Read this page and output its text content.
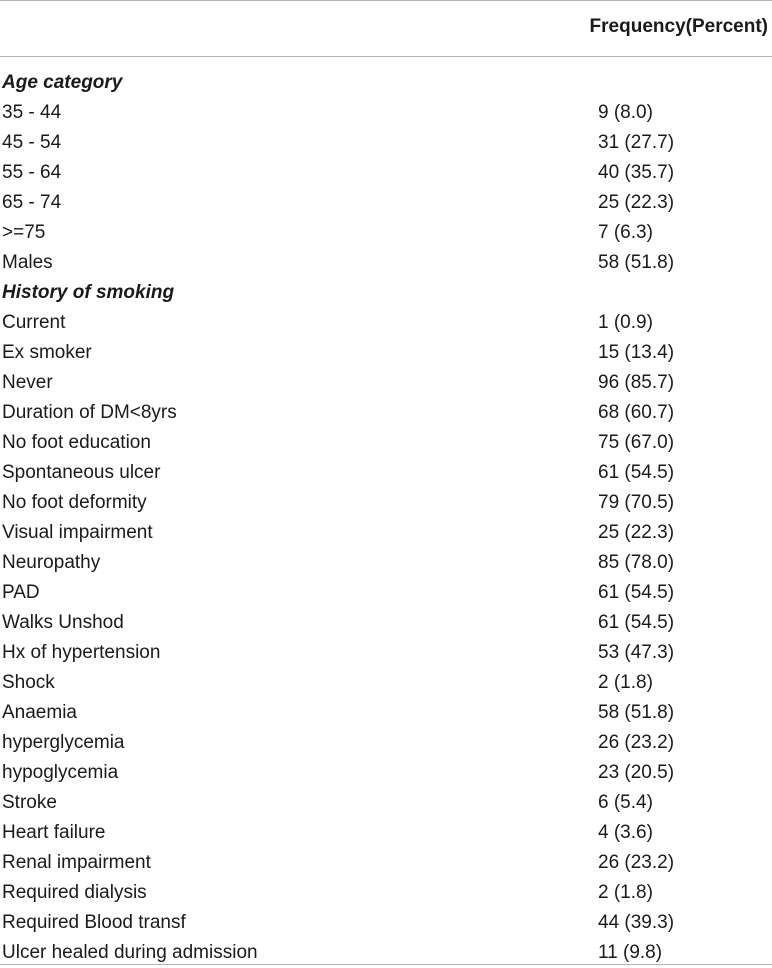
Frequency(Percent)
Age category
35 - 44	9 (8.0)
45 - 54	31 (27.7)
55 - 64	40 (35.7)
65 - 74	25 (22.3)
>=75	7 (6.3)
Males	58 (51.8)
History of smoking
Current	1 (0.9)
Ex smoker	15 (13.4)
Never	96 (85.7)
Duration of DM<8yrs	68 (60.7)
No foot education	75 (67.0)
Spontaneous ulcer	61 (54.5)
No foot deformity	79 (70.5)
Visual impairment	25 (22.3)
Neuropathy	85 (78.0)
PAD	61 (54.5)
Walks Unshod	61 (54.5)
Hx of hypertension	53 (47.3)
Shock	2 (1.8)
Anaemia	58 (51.8)
hyperglycemia	26 (23.2)
hypoglycemia	23 (20.5)
Stroke	6 (5.4)
Heart failure	4 (3.6)
Renal impairment	26 (23.2)
Required dialysis	2 (1.8)
Required Blood transf	44 (39.3)
Ulcer healed during admission	11 (9.8)
